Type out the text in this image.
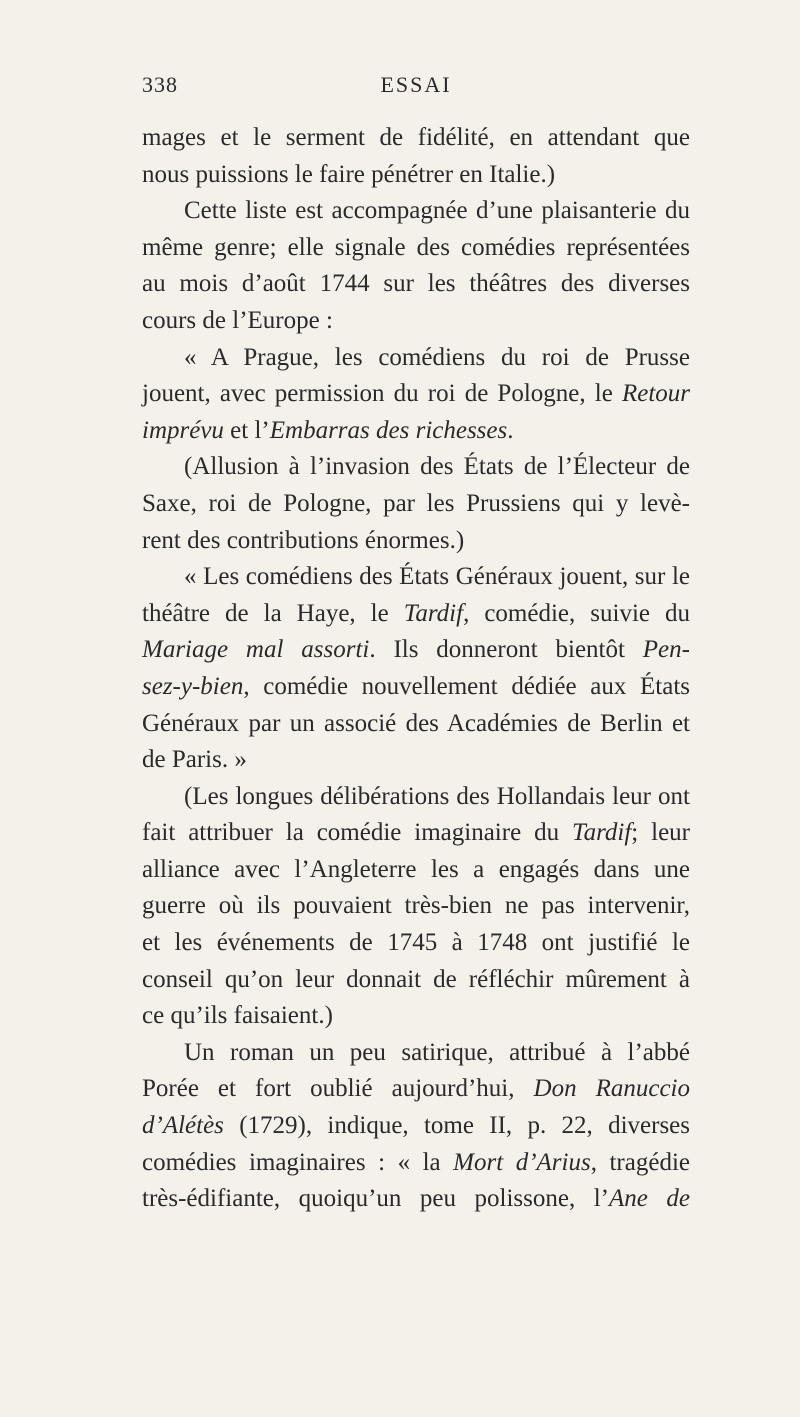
338	ESSAI
mages et le serment de fidélité, en attendant que
nous puissions le faire pénétrer en Italie.)
Cette liste est accompagnée d’une plaisanterie du
même genre; elle signale des comédies représentées
au mois d’août 1744 sur les théâtres des diverses
cours de l’Europe :
« A Prague, les comédiens du roi de Prusse
jouent, avec permission du roi de Pologne, le Retour
imprévu et l’Embarras des richesses.
(Allusion à l’invasion des États de l’Électeur de
Saxe, roi de Pologne, par les Prussiens qui y levè-
rent des contributions énormes.)
« Les comédiens des États Généraux jouent, sur le
théâtre de la Haye, le Tardif, comédie, suivie du
Mariage mal assorti. Ils donneront bientôt Pen-
sez-y-bien, comédie nouvellement dédiée aux États
Généraux par un associé des Académies de Berlin et
de Paris. »
(Les longues délibérations des Hollandais leur ont
fait attribuer la comédie imaginaire du Tardif; leur
alliance avec l’Angleterre les a engagés dans une
guerre où ils pouvaient très-bien ne pas intervenir,
et les événements de 1745 à 1748 ont justifié le
conseil qu’on leur donnait de réfléchir mûrement à
ce qu’ils faisaient.)
Un roman un peu satirique, attribué à l’abbé
Porée et fort oublié aujourd’hui, Don Ranuccio
d’Alétès (1729), indique, tome II, p. 22, diverses
comédies imaginaires : « la Mort d’Arius, tragédie
très-édifiante, quoiqu’un peu polissone, l’Ane de
